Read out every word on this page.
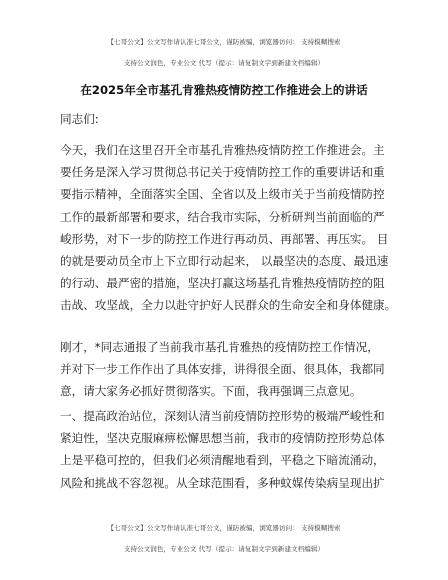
【七哥公文】公文写作请认准七哥公文，谨防被骗，浏览器访问： 支持模糊搜索
支持公文润色，专业公文 代写（提示：请复制文字到新建文档编辑）
在2025年全市基孔肯雅热疫情防控工作推进会上的讲话
同志们:
今天，我们在这里召开全市基孔肯雅热疫情防控工作推进会。主
要任务是深入学习贯彻总书记关于疫情防控工作的重要讲话和重
要指示精神，全面落实全国、全省以及上级市关于当前疫情防控
工作的最新部署和要求，结合我市实际，分析研判当前面临的严
峻形势，对下一步的防控工作进行再动员、再部署、再压实。 目
的就是要动员全市上下立即行动起来， 以最坚决的态度、最迅速
的行动、最严密的措施，坚决打赢这场基孔肯雅热疫情防控的阻
击战、攻坚战，全力以赴守护好人民群众的生命安全和身体健康。
刚才，*同志通报了当前我市基孔肯雅热的疫情防控工作情况，
并对下一步工作作出了具体安排，讲得很全面、很具体，我都同
意，请大家务必抓好贯彻落实。下面，我再强调三点意见。
一、提高政治站位，深刻认清当前疫情防控形势的极端严峻性和
紧迫性，坚决克服麻痹松懈思想当前，我市的疫情防控形势总体
上是平稳可控的，但我们必须清醒地看到，平稳之下暗流涌动，
风险和挑战不容忽视。从全球范围看，多种蚊媒传染病呈现出扩
【七哥公文】公文写作请认准七哥公文，谨防被骗，浏览器访问： 支持模糊搜索
支持公文润色，专业公文 代写（提示：请复制文字到新建文档编辑）
